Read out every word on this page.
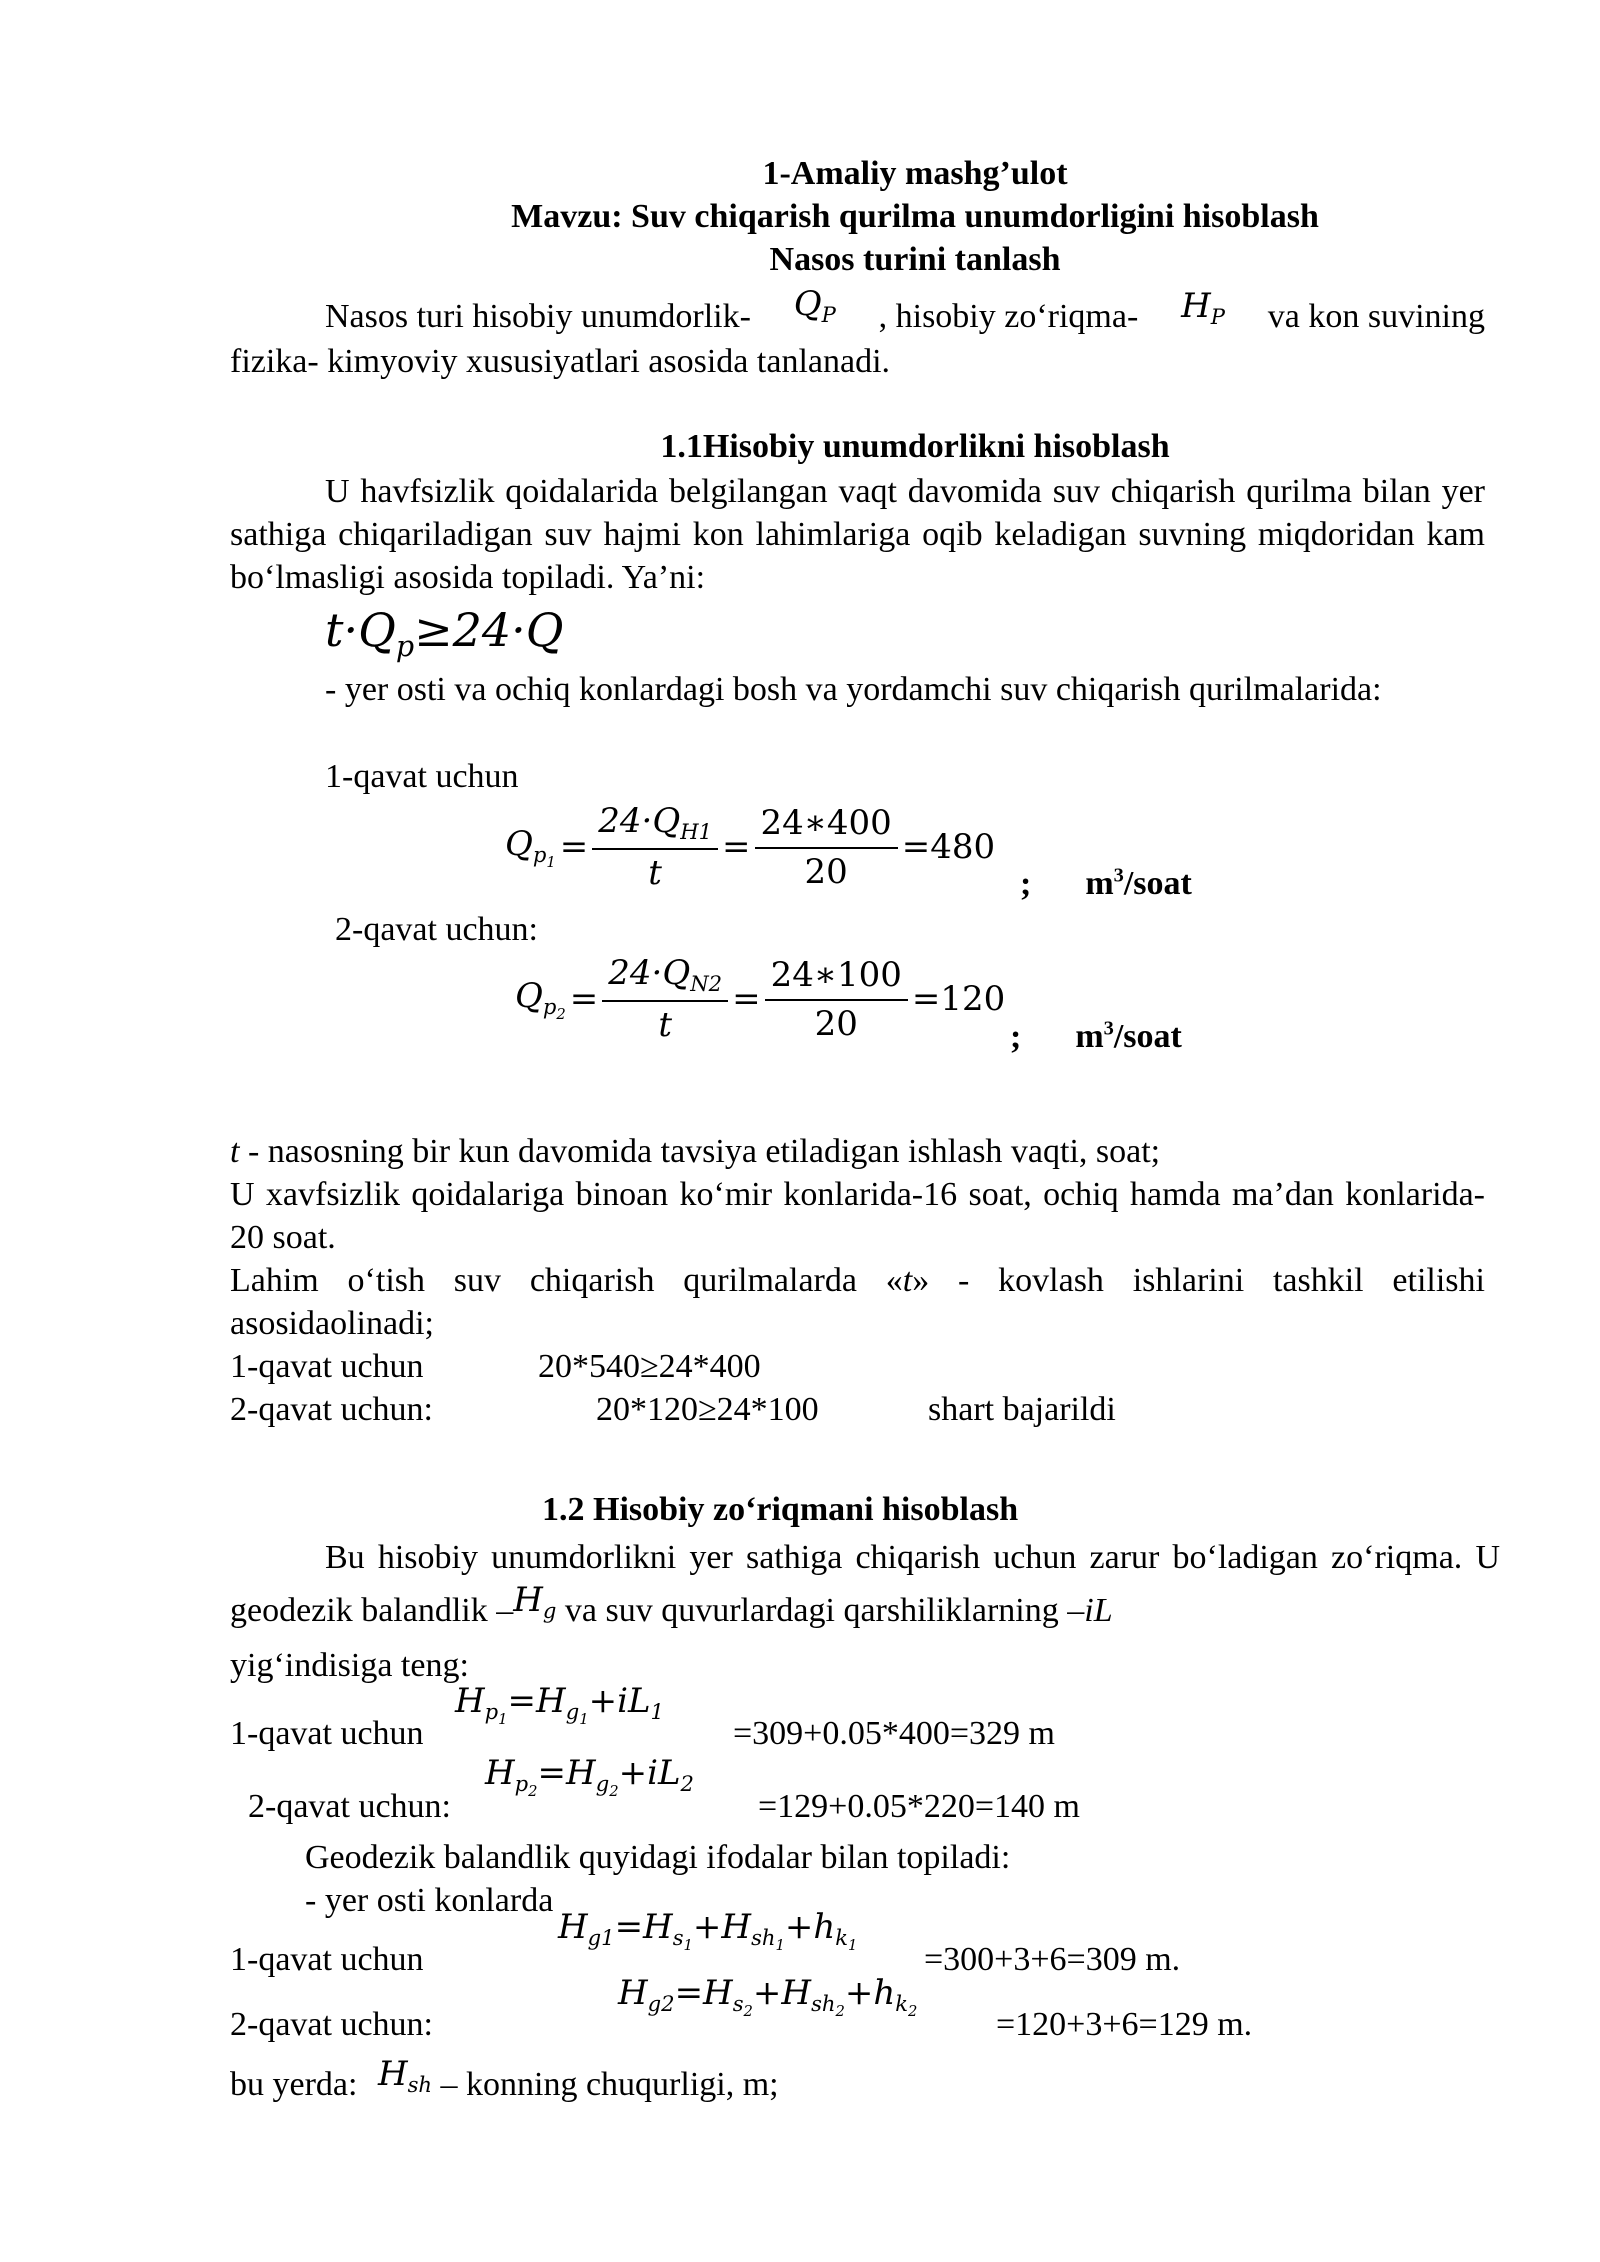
1-Amaliy mashg’ulot
Mavzu: Suv chiqarish qurilma unumdorligini hisoblash
Nasos turini tanlash
Nasos turi hisobiy unumdorlik- $Q_P$ , hisobiy zo‘riqma- $H_P$ va kon suvining
fizika- kimyoviy xususiyatlari asosida tanlanadi.
1.1Hisobiy unumdorlikni hisoblash
U havfsizlik qoidalarida belgilangan vaqt davomida suv chiqarish qurilma bilan yer sathiga chiqariladigan suv hajmi kon lahimlariga oqib keladigan suvning miqdoridan kam bo‘lmasligi asosida topiladi. Ya’ni:
$t\cdot Q_p\ge 24\cdot Q$
- yer osti va ochiq konlardagi bosh va yordamchi suv chiqarish qurilmalarida:
1-qavat uchun
$Q_{p_1} = \frac{24\cdot Q_{H1}}{t} = \frac{24∗400}{20} =480$
; $m^3$/soat
2-qavat uchun:
$Q_{p_2} = \frac{24\cdot Q_{N2}}{t} = \frac{24∗100}{20} =120$
; $m^3$/soat
t - nasosning bir kun davomida tavsiya etiladigan ishlash vaqti, soat;
U xavfsizlik qoidalariga binoan ko‘mir konlarida-16 soat, ochiq hamda ma’dan konlarida-20 soat.
Lahim o‘tish suv chiqarish qurilmalarda «t» - kovlash ishlarini tashkil etilishi asosidaolinadi;
1-qavat uchun	20*540≥24*400
2-qavat uchun:	20*120≥24*100	shart bajarildi
1.2 Hisobiy zo‘riqmani hisoblash
Bu hisobiy unumdorlikni yer sathiga chiqarish uchun zarur bo‘ladigan zo‘riqma. U geodezik balandlik $-H_g$ va suv quvurlardagi qarshiliklarning –iL
yig‘indisiga teng:
1-qavat uchun
$H_{p_1}=H_{g_1}+iL_1$
=309+0.05*400=329 m
2-qavat uchun:
$H_{p_2}=H_{g_2}+iL_2$
=129+0.05*220=140 m
Geodezik balandlik quyidagi ifodalar bilan topiladi:
- yer osti konlarda
1-qavat uchun
$H_{g1}=H_{s_1}+H_{sh_1}+h_{k_1} =300+3+6=309$ m.
2-qavat uchun:
$H_{g2}=H_{s_2}+H_{sh_2}+h_{k_2} =120+3+6=129$ m.
bu yerda: $H_{sh}$ – konning chuqurligi, m;
